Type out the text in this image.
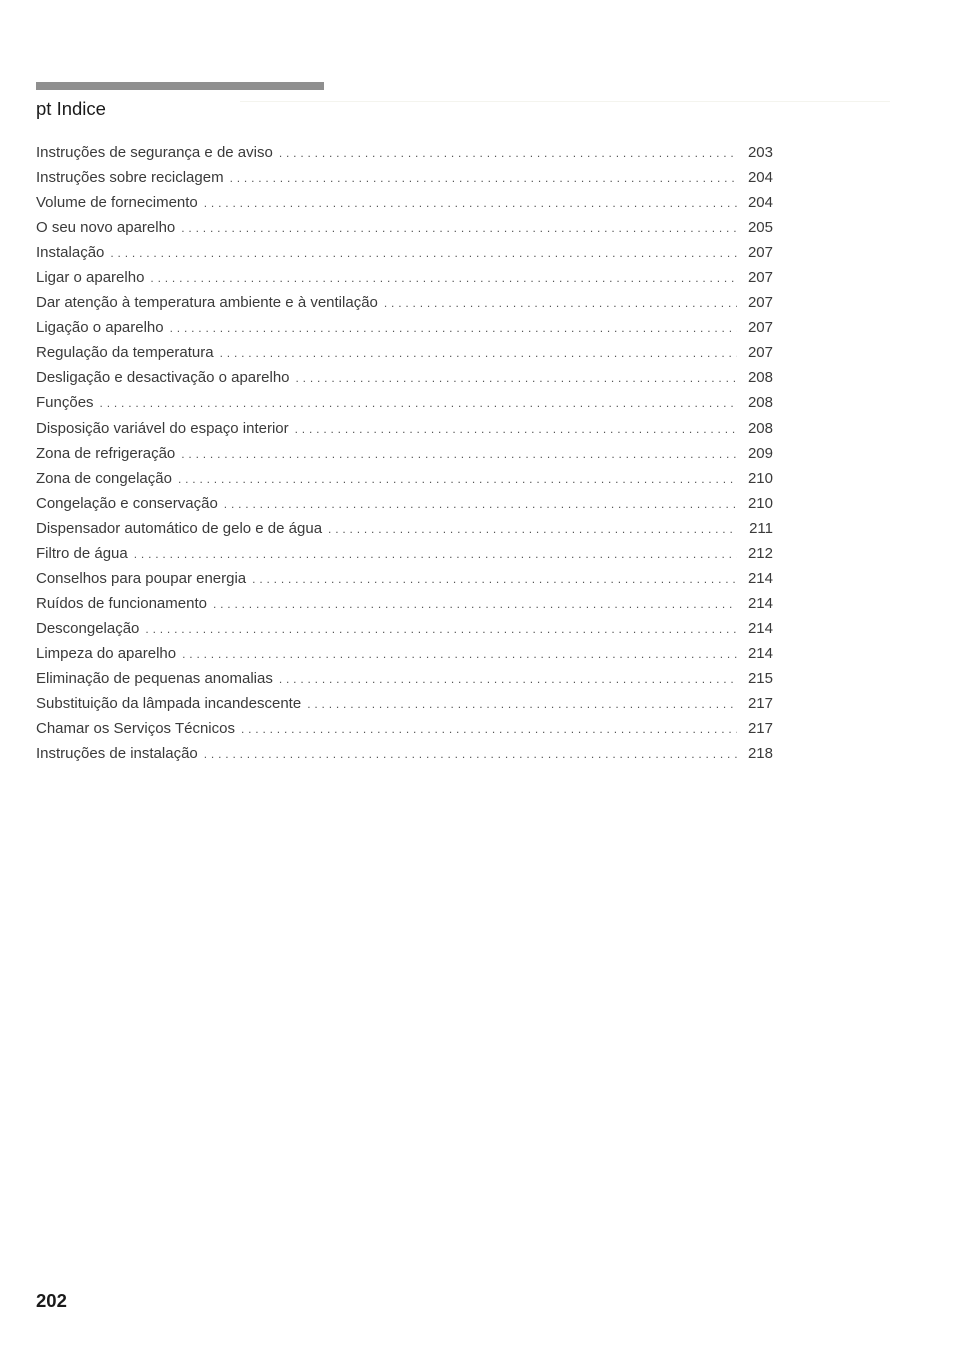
pt Indice
Instruções de segurança e de aviso . . .	203
Instruções sobre reciclagem . . .	204
Volume de fornecimento . . .	204
O seu novo aparelho . . .	205
Instalação . . .	207
Ligar o aparelho . . .	207
Dar atenção à temperatura ambiente e à ventilação . . .	207
Ligação o aparelho . . .	207
Regulação da temperatura . . .	207
Desligação e desactivação o aparelho . . .	208
Funções . . .	208
Disposição variável do espaço interior . . .	208
Zona de refrigeração . . .	209
Zona de congelação . . .	210
Congelação e conservação . . .	210
Dispensador automático de gelo e de água . . .	211
Filtro de água . . .	212
Conselhos para poupar energia . . .	214
Ruídos de funcionamento . . .	214
Descongelação . . .	214
Limpeza do aparelho . . .	214
Eliminação de pequenas anomalias . . .	215
Substituição da lâmpada incandescente . . .	217
Chamar os Serviços Técnicos . . .	217
Instruções de instalação . . .	218
202
